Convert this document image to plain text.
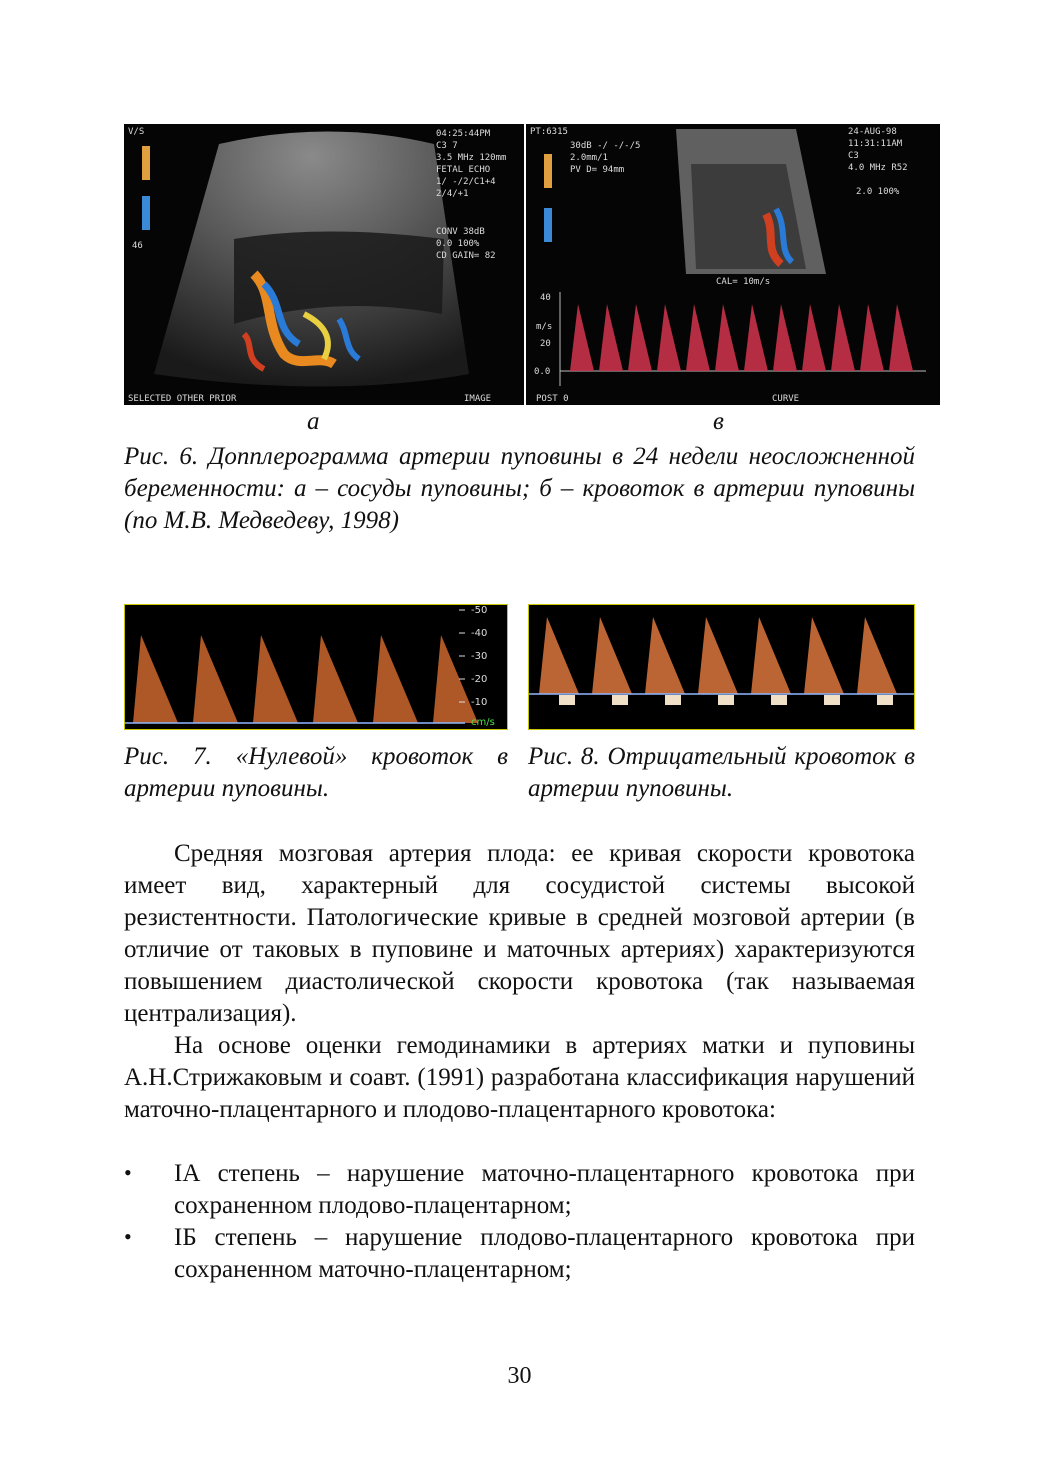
V/S
46
04:25:44PM
C3 7
3.5 MHz 120mm
FETAL ECHO
1/ -/2/C1+4
2/4/+1
CONV 38dB
0.0 100%
CD GAIN= 82
SELECTED OTHER PRIOR	IMAGE
PT:6315
30dB -/ -/-/5
2.0mm/1
PV D= 94mm
24-AUG-98
11:31:11AM
C3
4.0 MHz R52
2.0 100%
CAL= 10m/s
40
m/s
20
0.0
POST 0	CURVE
а	в
Рис. 6. Допплерограмма артерии пуповины в 24 недели неосложненной беременности: а – сосуды пуповины; б – кровоток в артерии пуповины (по М.В. Медведеву, 1998)
-50
-40
-30
-20
-10
cm/s
Рис. 7. «Нулевой» кровоток в артерии пуповины.
Рис. 8. Отрицательный кровоток в артерии пуповины.
Средняя мозговая артерия плода: ее кривая скорости кровотока имеет вид, характерный для сосудистой системы высокой резистентности. Патологические кривые в средней мозговой артерии (в отличие от таковых в пуповине и маточных артериях) характеризуются повышением диастолической скорости кровотока (так называемая централизация).
На основе оценки гемодинамики в артериях матки и пуповины А.Н.Стрижаковым и соавт. (1991) разработана классификация нарушений маточно-плацентарного и плодово-плацентарного кровотока:
• IА степень – нарушение маточно-плацентарного кровотока при сохраненном плодово-плацентарном;
• IБ степень – нарушение плодово-плацентарного кровотока при сохраненном маточно-плацентарном;
30
